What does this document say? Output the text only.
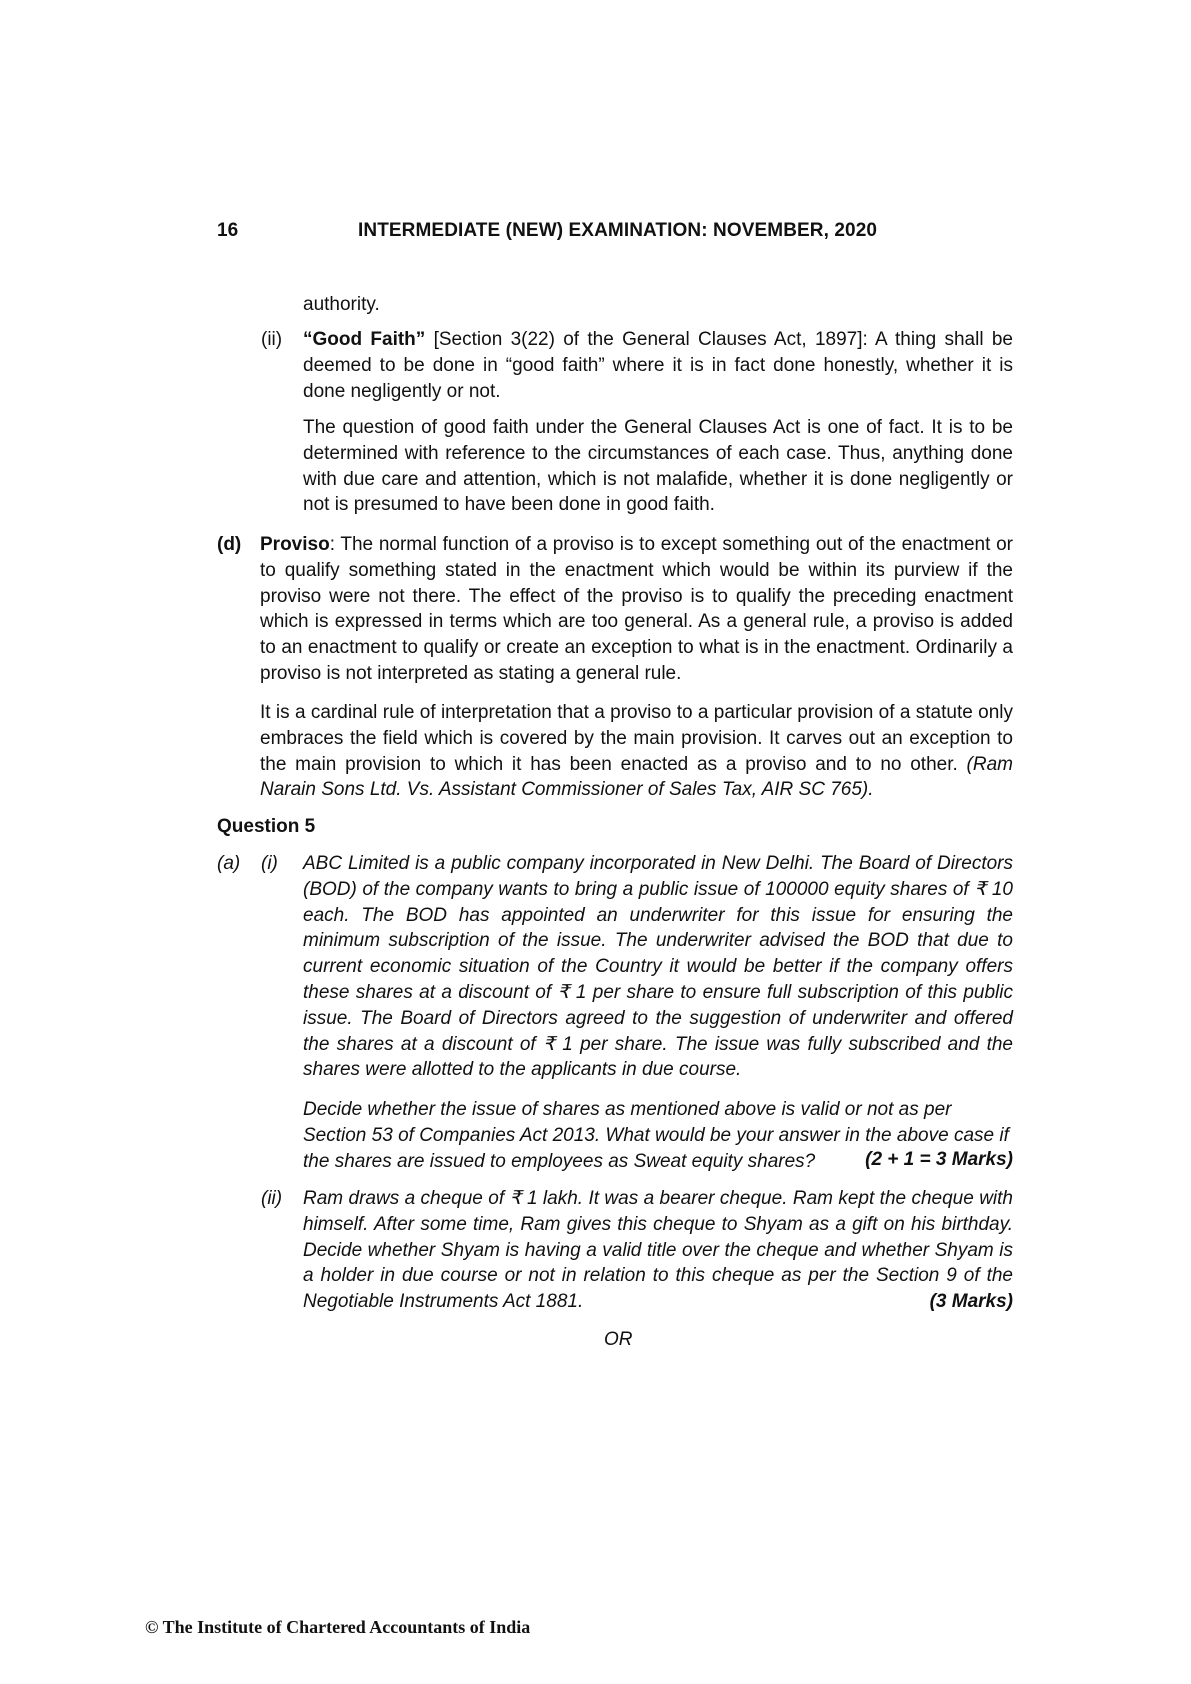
16	INTERMEDIATE (NEW) EXAMINATION: NOVEMBER, 2020

authority.

(ii) “Good Faith” [Section 3(22) of the General Clauses Act, 1897]: A thing shall be deemed to be done in “good faith” where it is in fact done honestly, whether it is done negligently or not.

The question of good faith under the General Clauses Act is one of fact. It is to be determined with reference to the circumstances of each case. Thus, anything done with due care and attention, which is not malafide, whether it is done negligently or not is presumed to have been done in good faith.

(d) Proviso: The normal function of a proviso is to except something out of the enactment or to qualify something stated in the enactment which would be within its purview if the proviso were not there. The effect of the proviso is to qualify the preceding enactment which is expressed in terms which are too general. As a general rule, a proviso is added to an enactment to qualify or create an exception to what is in the enactment. Ordinarily a proviso is not interpreted as stating a general rule.

It is a cardinal rule of interpretation that a proviso to a particular provision of a statute only embraces the field which is covered by the main provision. It carves out an exception to the main provision to which it has been enacted as a proviso and to no other. (Ram Narain Sons Ltd. Vs. Assistant Commissioner of Sales Tax, AIR SC 765).

Question 5
(a) (i) ABC Limited is a public company incorporated in New Delhi. The Board of Directors (BOD) of the company wants to bring a public issue of 100000 equity shares of ₹ 10 each. The BOD has appointed an underwriter for this issue for ensuring the minimum subscription of the issue. The underwriter advised the BOD that due to current economic situation of the Country it would be better if the company offers these shares at a discount of ₹ 1 per share to ensure full subscription of this public issue. The Board of Directors agreed to the suggestion of underwriter and offered the shares at a discount of ₹ 1 per share. The issue was fully subscribed and the shares were allotted to the applicants in due course.

Decide whether the issue of shares as mentioned above is valid or not as per Section 53 of Companies Act 2013. What would be your answer in the above case if the shares are issued to employees as Sweat equity shares?	(2 + 1 = 3 Marks)
(ii) Ram draws a cheque of ₹ 1 lakh. It was a bearer cheque. Ram kept the cheque with himself. After some time, Ram gives this cheque to Shyam as a gift on his birthday. Decide whether Shyam is having a valid title over the cheque and whether Shyam is a holder in due course or not in relation to this cheque as per the Section 9 of the Negotiable Instruments Act 1881.	(3 Marks)
OR
© The Institute of Chartered Accountants of India
